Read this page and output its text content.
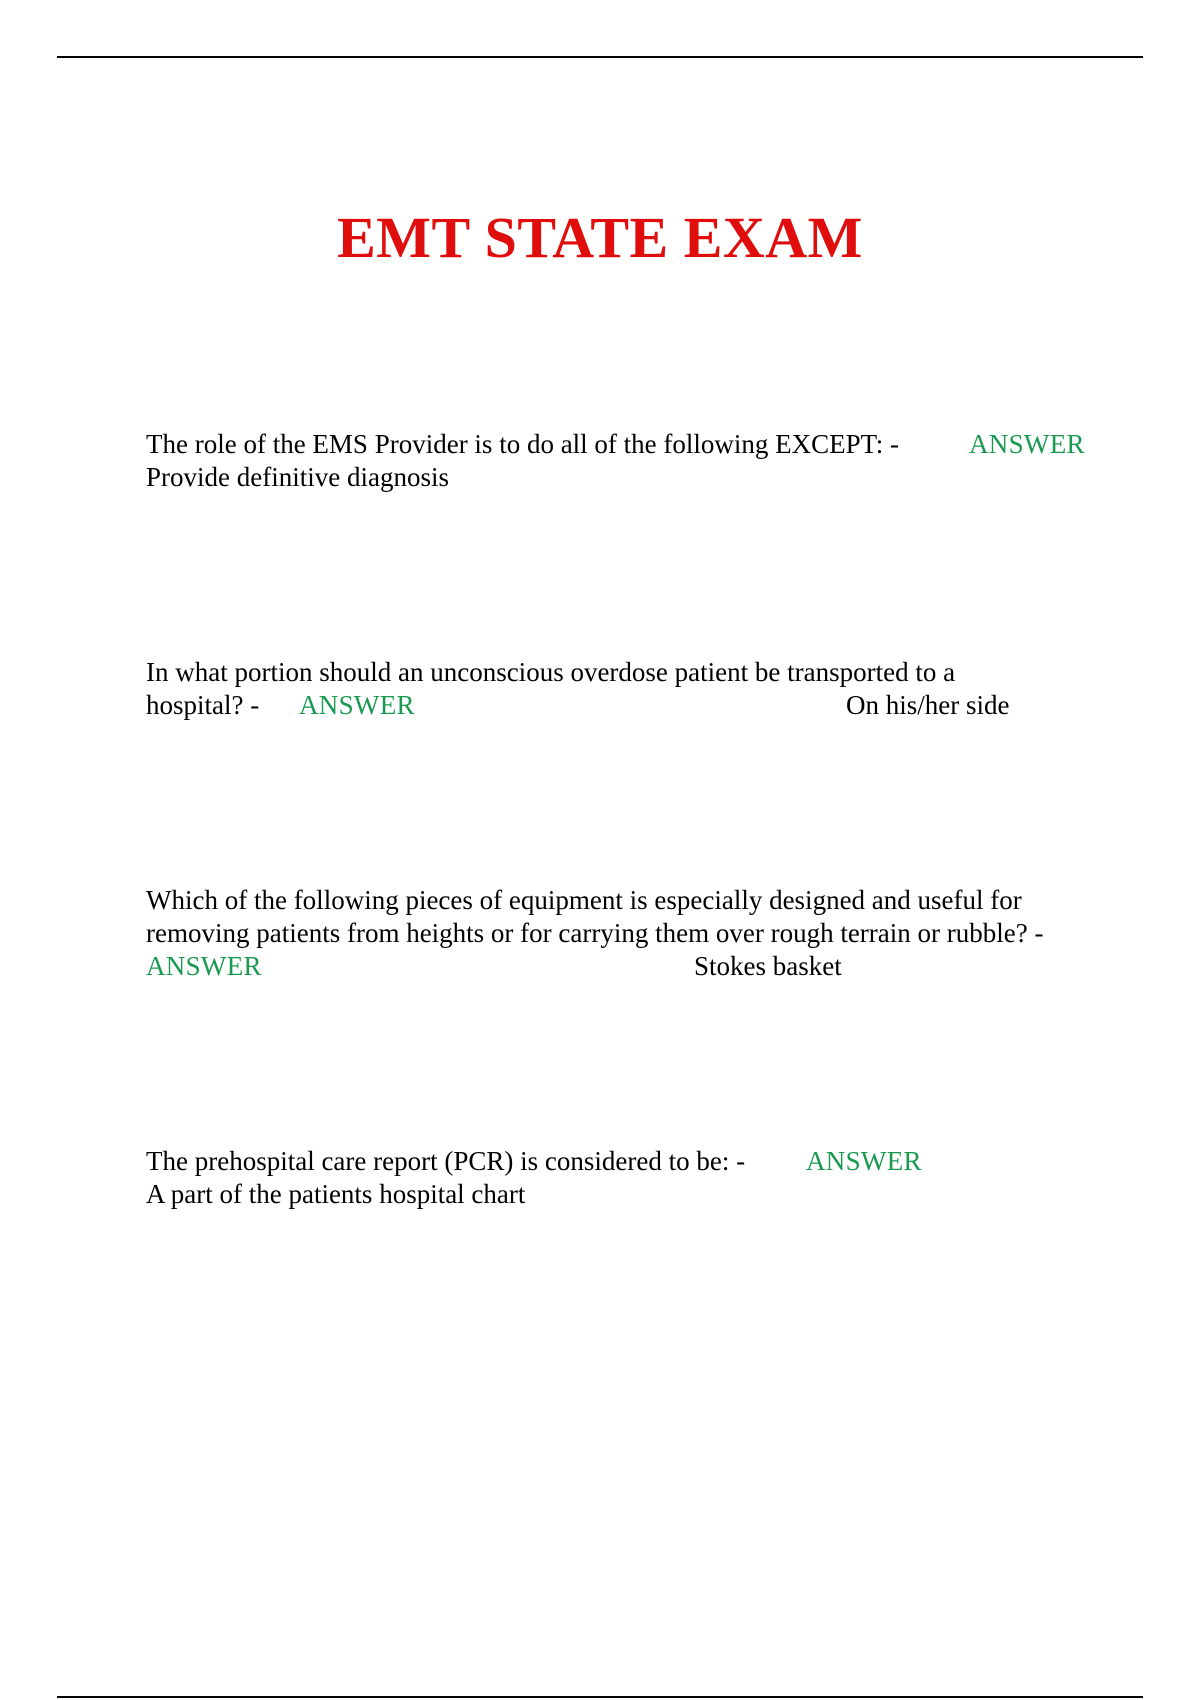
EMT STATE EXAM
The role of the EMS Provider is to do all of the following EXCEPT: -	ANSWER
Provide definitive diagnosis
In what portion should an unconscious overdose patient be transported to a
hospital? - ANSWER	On his/her side
Which of the following pieces of equipment is especially designed and useful for
removing patients from heights or for carrying them over rough terrain or rubble? -
ANSWER	Stokes basket
The prehospital care report (PCR) is considered to be: - ANSWER
A part of the patients hospital chart
